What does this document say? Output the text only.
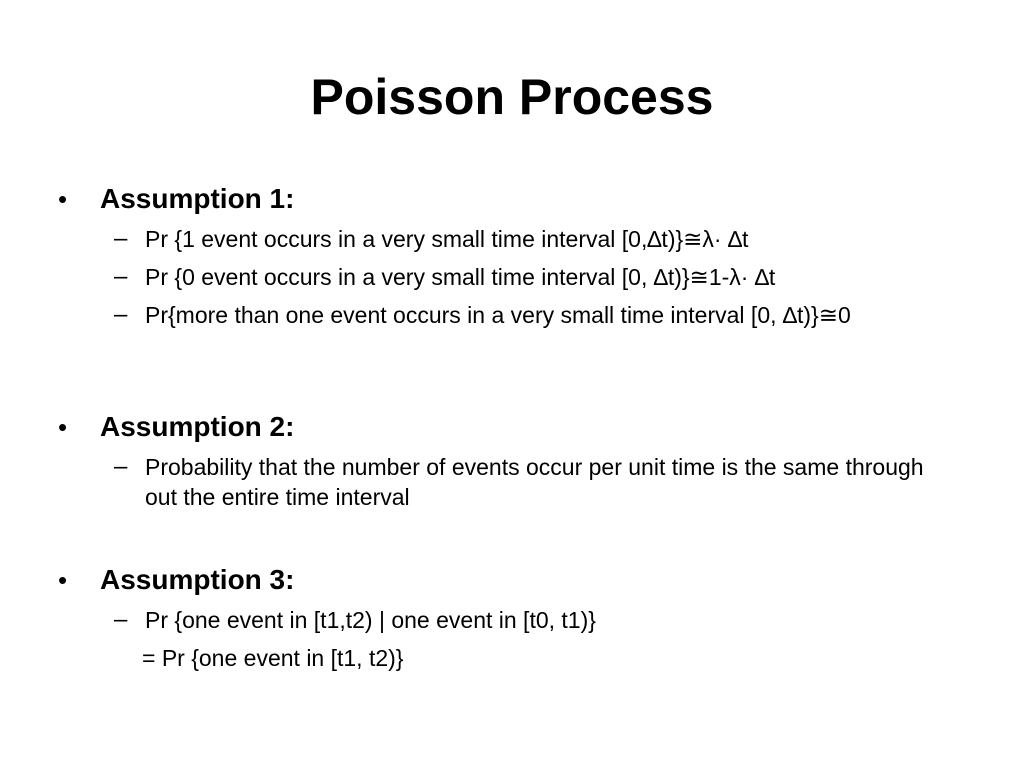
Poisson Process
• Assumption 1:
– Pr {1 event occurs in a very small time interval [0,∆t)}≅λ· ∆t
– Pr {0 event occurs in a very small time interval [0, ∆t)}≅1-λ· ∆t
– Pr{more than one event occurs in a very small time interval [0, ∆t)}≅0
• Assumption 2:
– Probability that the number of events occur per unit time is the same through out the entire time interval
• Assumption 3:
– Pr {one event in [t1,t2) | one event in [t0, t1)}
= Pr {one event in [t1, t2)}
